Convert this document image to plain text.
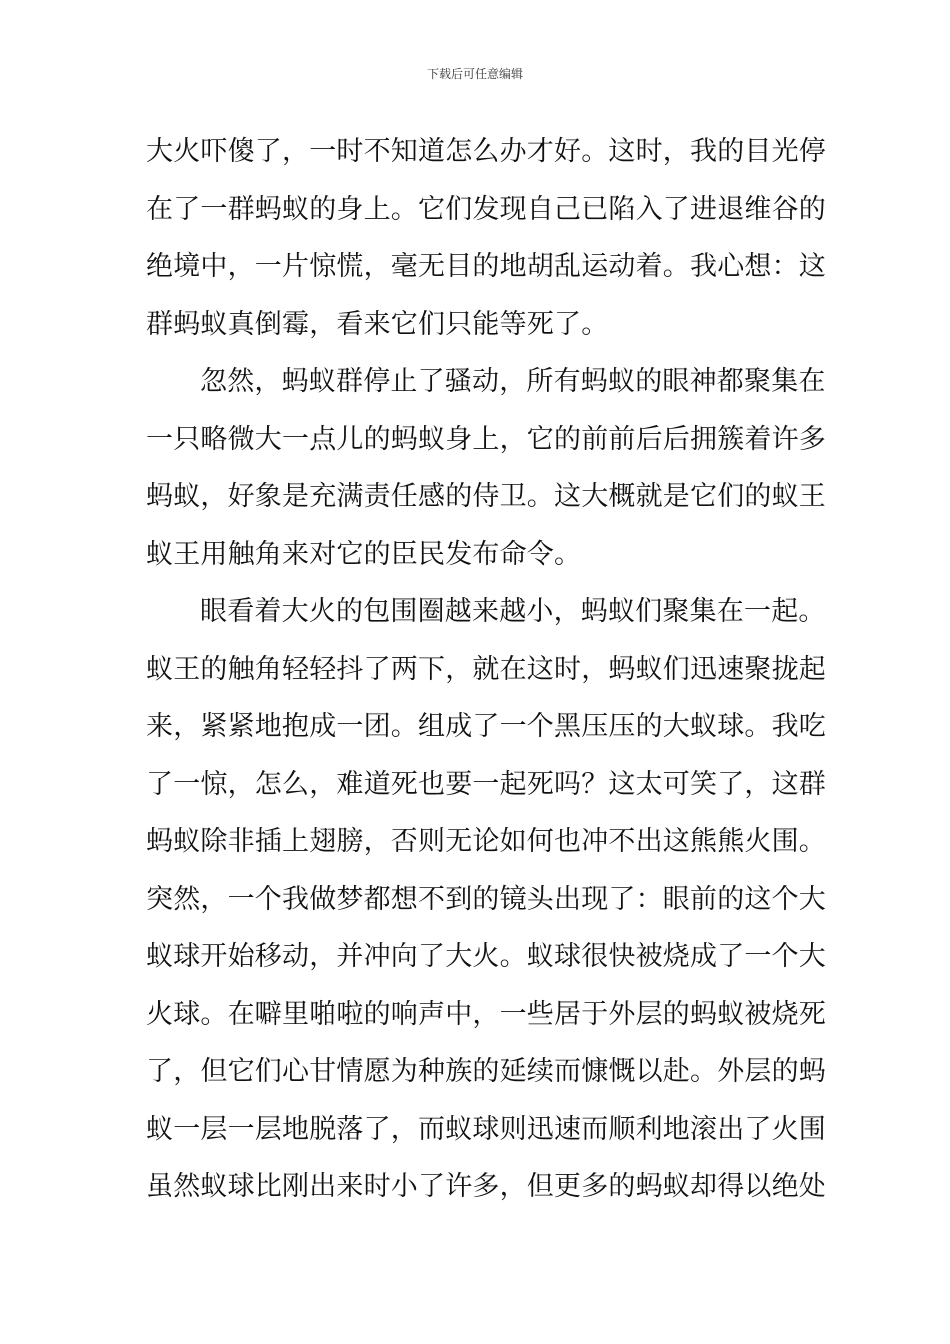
下载后可任意编辑
大火吓傻了，一时不知道怎么办才好。这时，我的目光停
在了一群蚂蚁的身上。它们发现自己已陷入了进退维谷的
绝境中，一片惊慌，毫无目的地胡乱运动着。我心想：这
群蚂蚁真倒霉，看来它们只能等死了。
忽然，蚂蚁群停止了骚动，所有蚂蚁的眼神都聚集在
一只略微大一点儿的蚂蚁身上，它的前前后后拥簇着许多
蚂蚁，好象是充满责任感的侍卫。这大概就是它们的蚁王
蚁王用触角来对它的臣民发布命令。
眼看着大火的包围圈越来越小，蚂蚁们聚集在一起。
蚁王的触角轻轻抖了两下，就在这时，蚂蚁们迅速聚拢起
来，紧紧地抱成一团。组成了一个黑压压的大蚁球。我吃
了一惊，怎么，难道死也要一起死吗？这太可笑了，这群
蚂蚁除非插上翅膀，否则无论如何也冲不出这熊熊火围。
突然，一个我做梦都想不到的镜头出现了：眼前的这个大
蚁球开始移动，并冲向了大火。蚁球很快被烧成了一个大
火球。在噼里啪啦的响声中，一些居于外层的蚂蚁被烧死
了，但它们心甘情愿为种族的延续而慷慨以赴。外层的蚂
蚁一层一层地脱落了，而蚁球则迅速而顺利地滚出了火围
虽然蚁球比刚出来时小了许多，但更多的蚂蚁却得以绝处
